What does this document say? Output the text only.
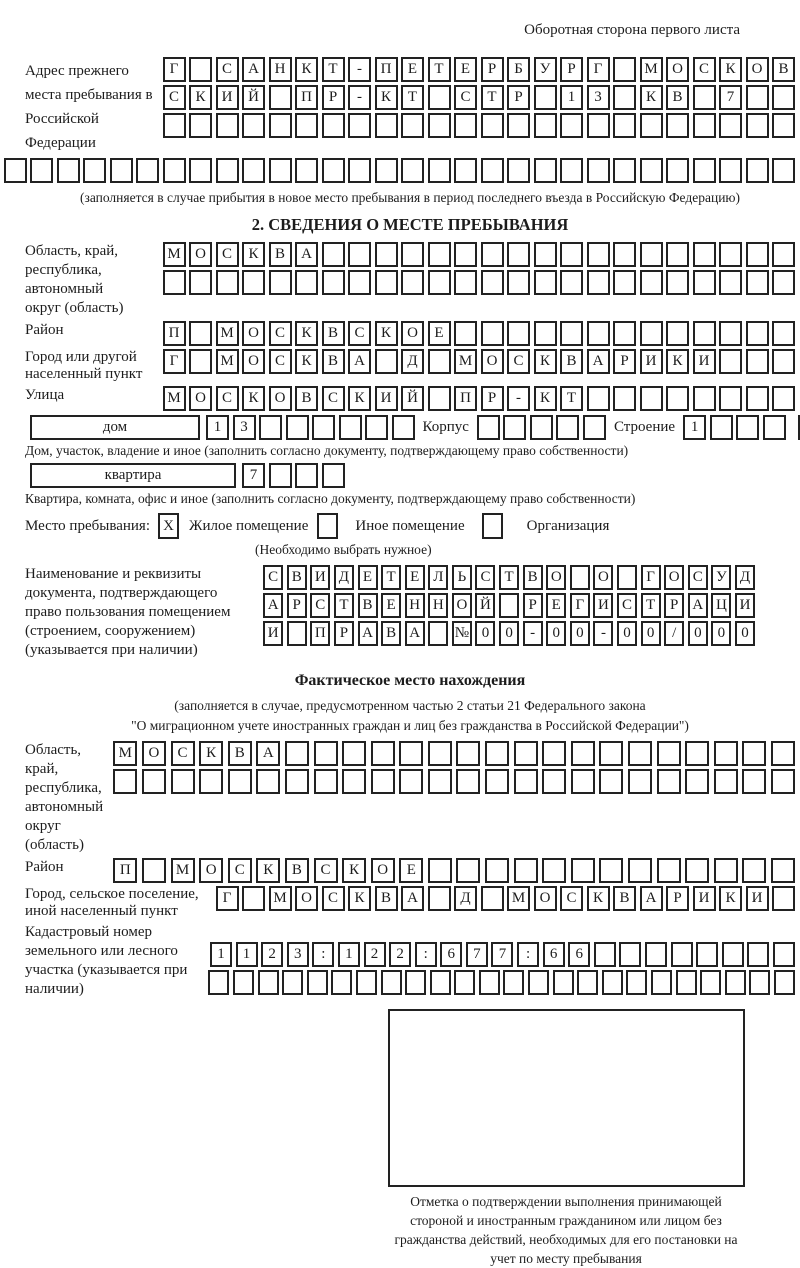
Оборотная сторона первого листа
Адрес прежнего места пребывания в Российской Федерации
Г	С	А	Н	К	Т	-	П	Е	Т	Е	Р	Б	У	Р	Г	М О	С	К	О	В
С	К	И	Й	П	Р	-	К	Т	С	Т	Р	1	3	К	В	7
(заполняется в случае прибытия в новое место пребывания в период последнего въезда в Российскую Федерацию)
2. СВЕДЕНИЯ О МЕСТЕ ПРЕБЫВАНИЯ
Область, край, республика, автономный округ (область)
М О	С	К	В	А
Район	П	М О	С	К	В	С	К	О	Е
Город или другой населенный пункт
Г	М О	С	К	В	А	Д	М О	С	К	В	А	Р	И	К	И
Улица	М О	С	К	О	В	С	К	И	Й	П	Р	-	К	Т
дом	1	3	Корпус	Строение	1
Дом, участок, владение и иное (заполнить согласно документу, подтверждающему право собственности)
квартира	7
Квартира, комната, офис и иное (заполнить согласно документу, подтверждающему право собственности)
Место пребывания: X	Жилое помещение	Иное помещение	Организация
(Необходимо выбрать нужное)
Наименование и реквизиты документа, подтверждающего право пользования помещением (строением, сооружением) (указывается при наличии)
С В И Д Е Т Е Л Ь С Т В О	О	Г О С У Д
А Р С Т В Е Н Н О Й	Р Е Г И С Т Р А Ц И
И	П Р А В А	№ 0	0	-	0	0	-	0	0	/	0	0	0
Фактическое место нахождения
(заполняется в случае, предусмотренном частью 2 статьи 21 Федерального закона
"О миграционном учете иностранных граждан и лиц без гражданства в Российской Федерации")
Область, край, республика, автономный округ (область)
М	О	С	К	В	А
Район	П	М	О	С	К	В	С	К	О	Е
Город, сельское поселение, иной населенный пункт
Г	М О	С	К	В	А	Д	М О	С	К	В	А	Р	И	К	И
Кадастровый номер земельного или лесного участка (указывается при наличии)
1	1	2	3	:	1	2	2	:	6	7	7	:	6	6
Отметка о подтверждении выполнения принимающей стороной и иностранным гражданином или лицом без гражданства действий, необходимых для его постановки на учет по месту пребывания
